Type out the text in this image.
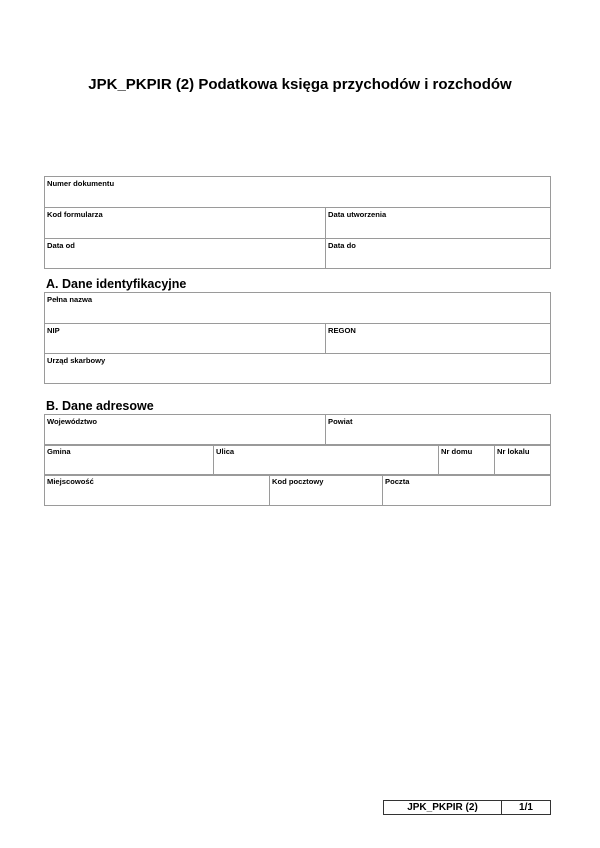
JPK_PKPIR (2) Podatkowa księga przychodów i rozchodów
Numer dokumentu	
Kod formularza	Data utworzenia
Data od	Data do
A. Dane identyfikacyjne
Pełna nazwa
NIP	REGON
Urząd skarbowy
B. Dane adresowe
Województwo	Powiat
Gmina	Ulica	Nr domu	Nr lokalu
Miejscowość	Kod pocztowy	Poczta
JPK_PKPIR (2)	1/1
